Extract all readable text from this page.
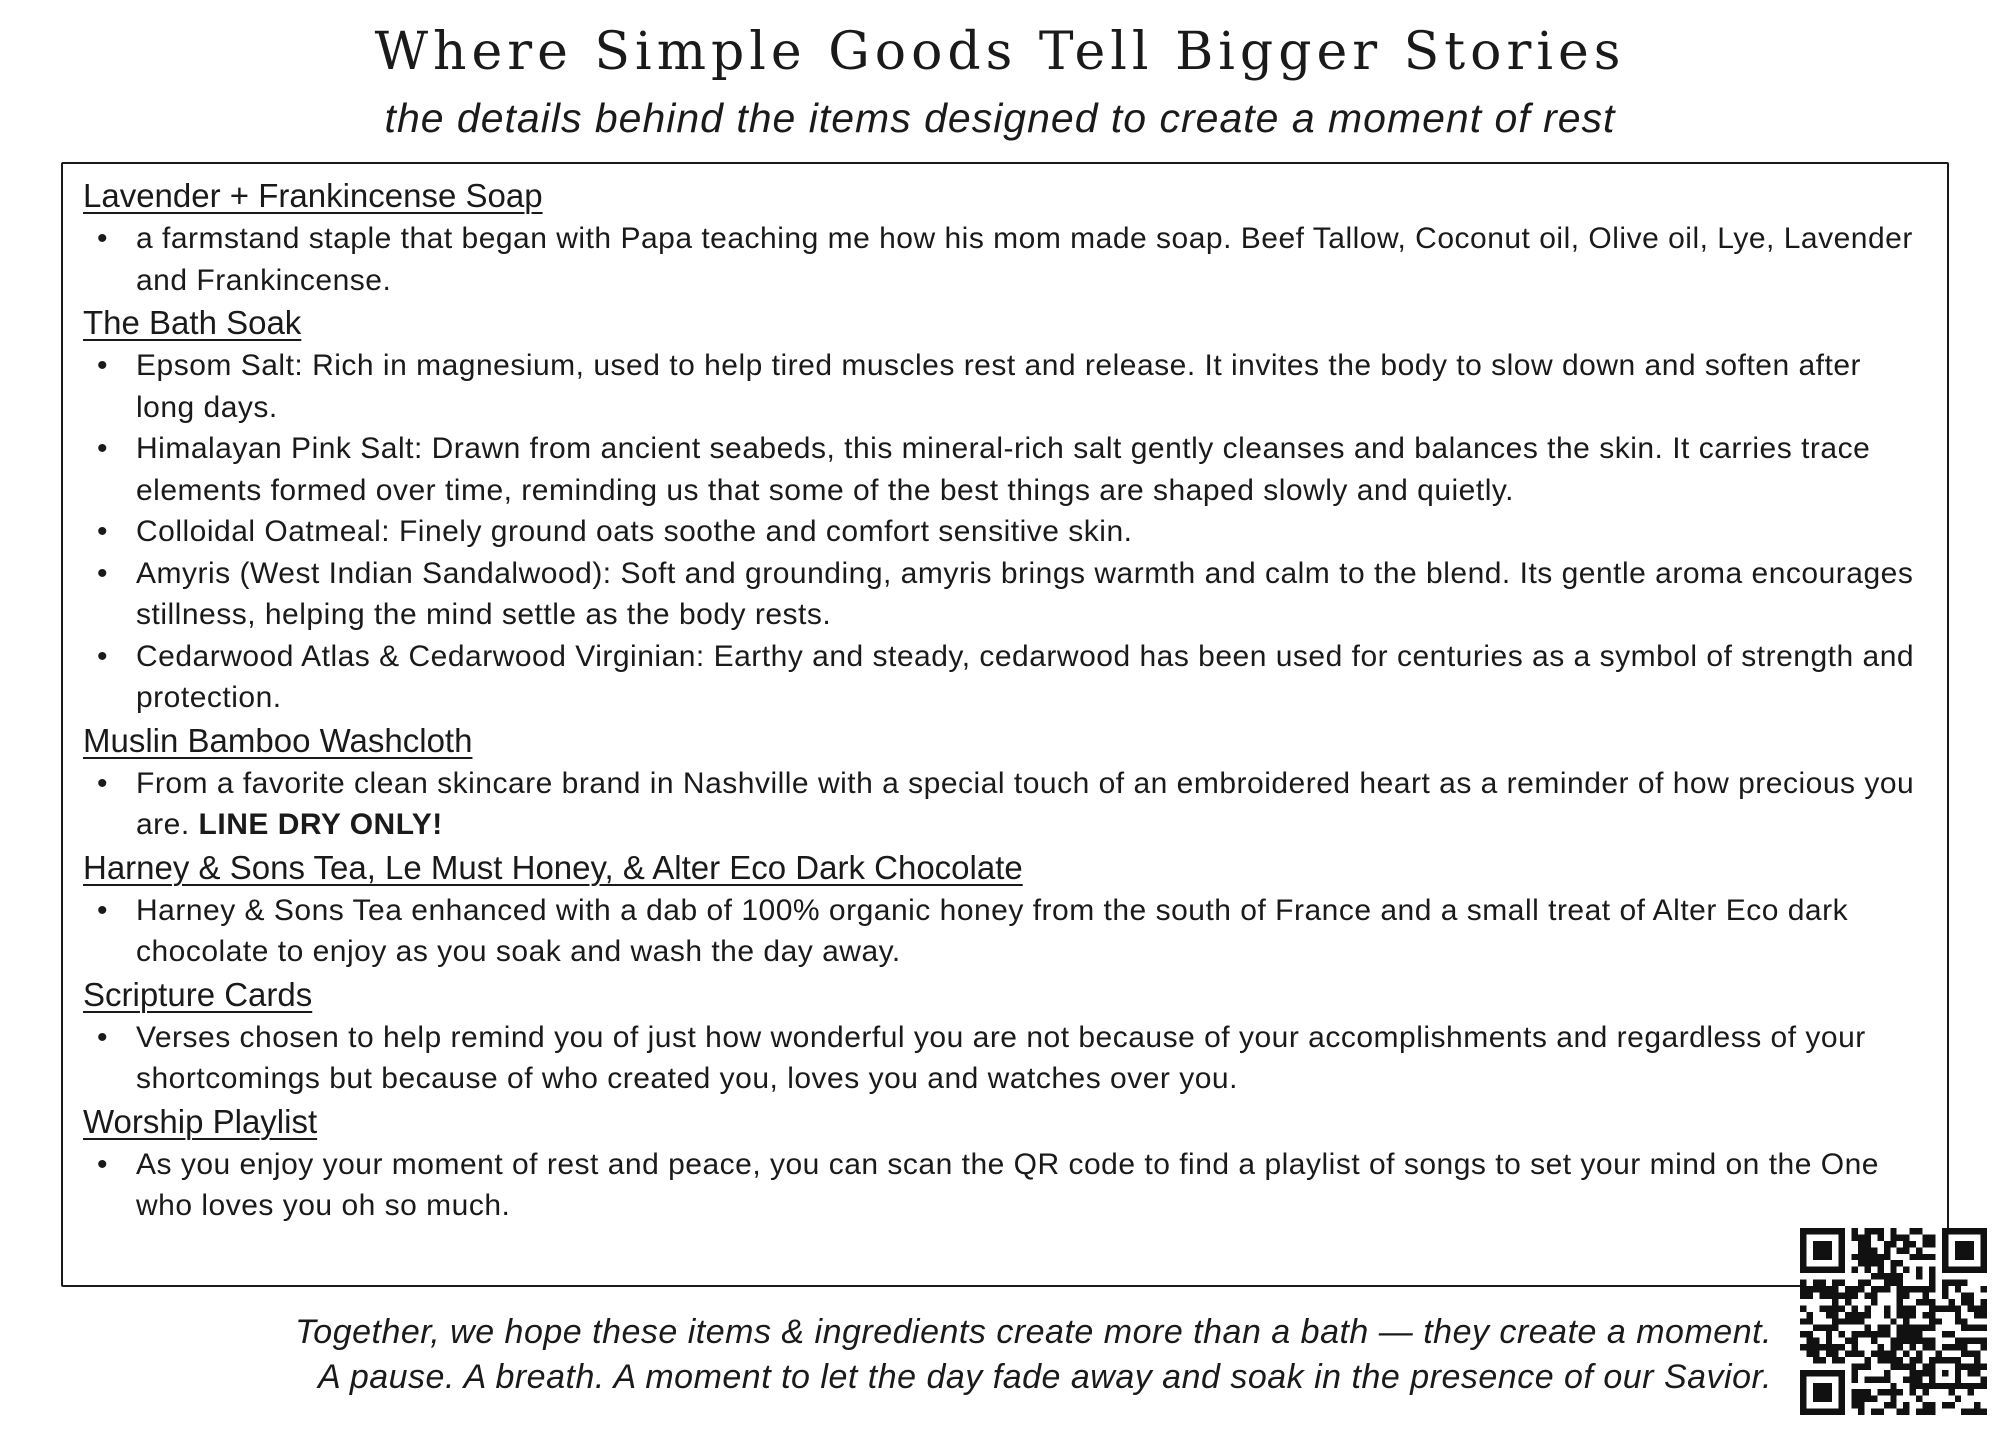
Where Simple Goods Tell Bigger Stories

the details behind the items designed to create a moment of rest

Lavender + Frankincense Soap
• a farmstand staple that began with Papa teaching me how his mom made soap. Beef Tallow, Coconut oil, Olive oil, Lye, Lavender and Frankincense.
The Bath Soak
• Epsom Salt: Rich in magnesium, used to help tired muscles rest and release. It invites the body to slow down and soften after long days.
• Himalayan Pink Salt: Drawn from ancient seabeds, this mineral-rich salt gently cleanses and balances the skin. It carries trace elements formed over time, reminding us that some of the best things are shaped slowly and quietly.
• Colloidal Oatmeal: Finely ground oats soothe and comfort sensitive skin.
• Amyris (West Indian Sandalwood): Soft and grounding, amyris brings warmth and calm to the blend. Its gentle aroma encourages stillness, helping the mind settle as the body rests.
• Cedarwood Atlas & Cedarwood Virginian: Earthy and steady, cedarwood has been used for centuries as a symbol of strength and protection.
Muslin Bamboo Washcloth
• From a favorite clean skincare brand in Nashville with a special touch of an embroidered heart as a reminder of how precious you are. LINE DRY ONLY!
Harney & Sons Tea, Le Must Honey, & Alter Eco Dark Chocolate
• Harney & Sons Tea enhanced with a dab of 100% organic honey from the south of France and a small treat of Alter Eco dark chocolate to enjoy as you soak and wash the day away.
Scripture Cards
• Verses chosen to help remind you of just how wonderful you are not because of your accomplishments and regardless of your shortcomings but because of who created you, loves you and watches over you.
Worship Playlist
• As you enjoy your moment of rest and peace, you can scan the QR code to find a playlist of songs to set your mind on the One who loves you oh so much.
Together, we hope these items & ingredients create more than a bath — they create a moment.
A pause. A breath. A moment to let the day fade away and soak in the presence of our Savior.
